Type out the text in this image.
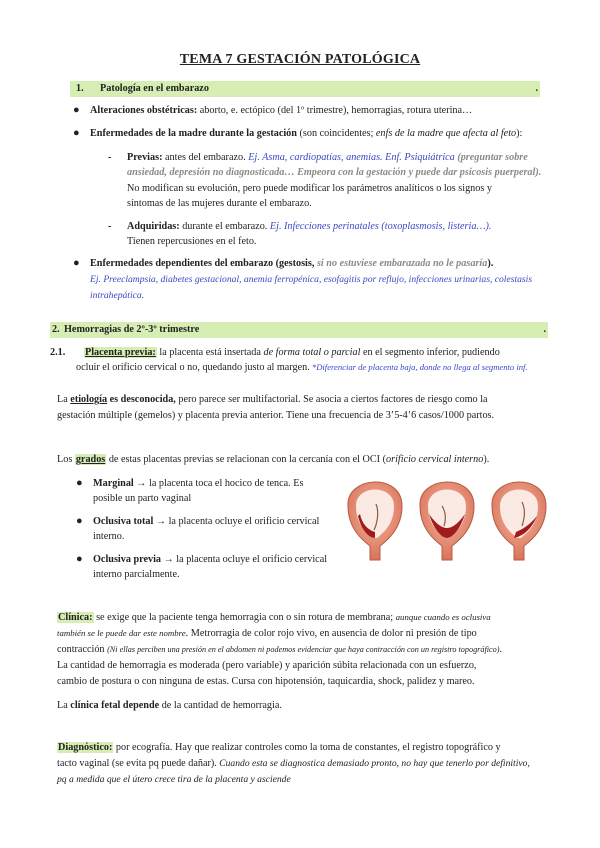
TEMA 7 GESTACIÓN PATOLÓGICA
1. Patología en el embarazo	.
● Alteraciones obstétricas: aborto, e. ectópico (del 1º trimestre), hemorragias, rotura uterina…
● Enfermedades de la madre durante la gestación (son coincidentes; enfs de la madre que afecta al feto):
- Previas: antes del embarazo. Ej. Asma, cardiopatías, anemias. Enf. Psiquiátrica (preguntar sobre
ansiedad, depresión no diagnosticada… Empeora con la gestación y puede dar psicosis puerperal).
No modifican su evolución, pero puede modificar los parámetros analíticos o los signos y
síntomas de las mujeres durante el embarazo.
- Adquiridas: durante el embarazo. Ej. Infecciones perinatales (toxoplasmosis, listeria…).
Tienen repercusiones en el feto.
● Enfermedades dependientes del embarazo (gestosis, si no estuviese embarazada no le pasaría).
Ej. Preeclampsia, diabetes gestacional, anemia ferropénica, esofagitis por reflujo, infecciones urinarias, colestasis
intrahepática.
2. Hemorragias de 2º-3º trimestre	.
2.1. Placenta previa: la placenta está insertada de forma total o parcial en el segmento inferior, pudiendo
ocluir el orificio cervical o no, quedando justo al margen. *Diferenciar de placenta baja, donde no llega al segmento inf.
La etiología es desconocida, pero parece ser multifactorial. Se asocia a ciertos factores de riesgo como la
gestación múltiple (gemelos) y placenta previa anterior. Tiene una frecuencia de 3’5-4’6 casos/1000 partos.
Los grados de estas placentas previas se relacionan con la cercanía con el OCI (orificio cervical interno).
● Marginal → la placenta toca el hocico de tenca. Es
posible un parto vaginal
● Oclusiva total → la placenta ocluye el orificio cervical
interno.
● Oclusiva previa → la placenta ocluye el orificio cervical
interno parcialmente.
Clínica: se exige que la paciente tenga hemorragia con o sin rotura de membrana; aunque cuando es oclusiva
también se le puede dar este nombre. Metrorragia de color rojo vivo, en ausencia de dolor ni presión de tipo
contracción (Ni ellas perciben una presión en el abdomen ni podemos evidenciar que haya contracción con un registro topográfico).
La cantidad de hemorragia es moderada (pero variable) y aparición súbita relacionada con un esfuerzo,
cambio de postura o con ninguna de estas. Cursa con hipotensión, taquicardia, shock, palidez y mareo.
La clínica fetal depende de la cantidad de hemorragia.
Diagnóstico: por ecografía. Hay que realizar controles como la toma de constantes, el registro topográfico y
tacto vaginal (se evita pq puede dañar). Cuando esta se diagnostica demasiado pronto, no hay que tenerlo por definitivo,
pq a medida que el útero crece tira de la placenta y asciende
